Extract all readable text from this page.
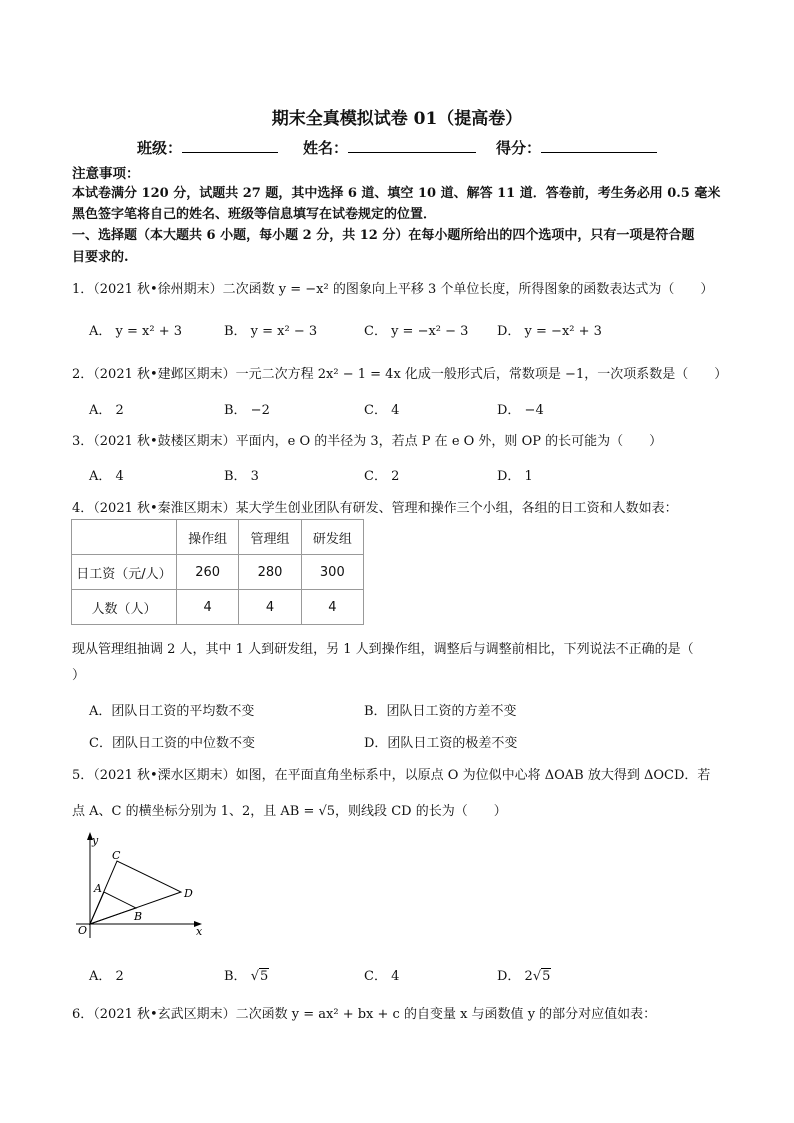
期末全真模拟试卷 01（提高卷）
班级：	姓名：	得分：
注意事项：
本试卷满分 120 分，试题共 27 题，其中选择 6 道、填空 10 道、解答 11 道．答卷前，考生务必用 0.5 毫米
黑色签字笔将自己的姓名、班级等信息填写在试卷规定的位置．
一、选择题（本大题共 6 小题，每小题 2 分，共 12 分）在每小题所给出的四个选项中，只有一项是符合题
目要求的.
1．（2021 秋•徐州期末）二次函数 y = −x² 的图象向上平移 3 个单位长度，所得图象的函数表达式为（　　）
A． y = x² + 3	B． y = x² − 3	C． y = −x² − 3 D． y = −x² + 3
2．（2021 秋•建邺区期末）一元二次方程 2x² − 1 = 4x 化成一般形式后，常数项是 −1，一次项系数是（　　）
A． 2	B． −2	C． 4	D． −4
3．（2021 秋•鼓楼区期末）平面内，e O 的半径为 3，若点 P 在 e O 外，则 OP 的长可能为（　　）
A． 4	B． 3	C． 2	D． 1
4．（2021 秋•秦淮区期末）某大学生创业团队有研发、管理和操作三个小组，各组的日工资和人数如表：
	操作组	管理组	研发组
日工资（元/人）	260	280	300
人数（人）	4	4	4
现从管理组抽调 2 人，其中 1 人到研发组，另 1 人到操作组，调整后与调整前相比，下列说法不正确的是（
）
A．团队日工资的平均数不变	B．团队日工资的方差不变
C．团队日工资的中位数不变	D．团队日工资的极差不变
5．（2021 秋•溧水区期末）如图，在平面直角坐标系中，以原点 O 为位似中心将 ΔOAB 放大得到 ΔOCD．若
点 A、C 的横坐标分别为 1、2，且 AB = √5，则线段 CD 的长为（　　）
y
x
O
A
B
C
D
A． 2	B． √5	C． 4	D． 2√5
6．（2021 秋•玄武区期末）二次函数 y = ax² + bx + c 的自变量 x 与函数值 y 的部分对应值如表：
